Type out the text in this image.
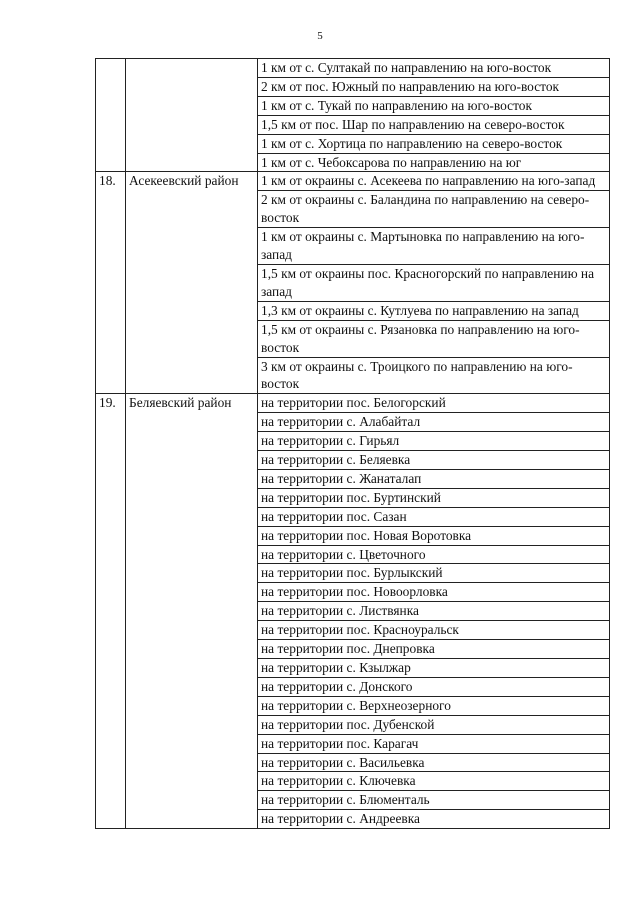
5
		1 км от с. Султакай по направлению на юго-восток
		2 км от пос. Южный по направлению на юго-восток
		1 км от с. Тукай по направлению на юго-восток
		1,5 км от пос. Шар по направлению на северо-восток
		1 км от с. Хортица по направлению на северо-восток
		1 км от с. Чебоксарова по направлению на юг
18.	Асекеевский район	1 км от окраины с. Асекеева по направлению на юго-запад
		2 км от окраины с. Баландина по направлению на северо-восток
		1 км от окраины с. Мартыновка по направлению на юго-запад
		1,5 км от окраины пос. Красногорский по направлению на запад
		1,3 км от окраины с. Кутлуева по направлению на запад
		1,5 км от окраины с. Рязановка по направлению на юго-восток
		3 км от окраины с. Троицкого по направлению на юго-восток
19.	Беляевский район	на территории пос. Белогорский
		на территории с. Алабайтал
		на территории с. Гирьял
		на территории с. Беляевка
		на территории с. Жанаталап
		на территории пос. Буртинский
		на территории пос. Сазан
		на территории пос. Новая Воротовка
		на территории с. Цветочного
		на территории пос. Бурлыкский
		на территории пос. Новоорловка
		на территории с. Листвянка
		на территории пос. Красноуральск
		на территории пос. Днепровка
		на территории с. Кзылжар
		на территории с. Донского
		на территории с. Верхнеозерного
		на территории пос. Дубенской
		на территории пос. Карагач
		на территории с. Васильевка
		на территории с. Ключевка
		на территории с. Блюменталь
		на территории с. Андреевка
